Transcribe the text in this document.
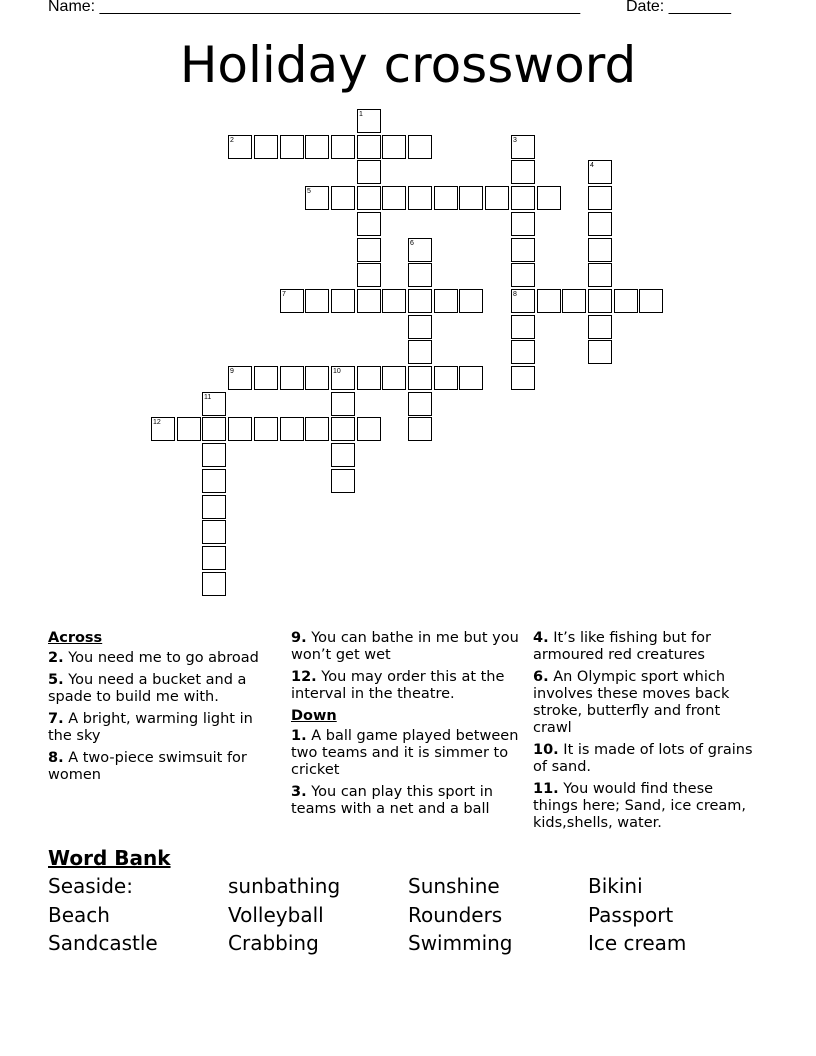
Name: ______________________________________________________	Date: _______
Holiday crossword
1
2	3
4
5
6
7	8
9	10
11
12
Across
2. You need me to go abroad
5. You need a bucket and a spade to build me with.
7. A bright, warming light in the sky
8. A two-piece swimsuit for women
9. You can bathe in me but you won’t get wet
12. You may order this at the interval in the theatre.
Down
1. A ball game played between two teams and it is simmer to cricket
3. You can play this sport in teams with a net and a ball
4. It’s like fishing but for armoured red creatures
6. An Olympic sport which involves these moves back stroke, butterfly and front crawl
10. It is made of lots of grains of sand.
11. You would find these things here; Sand, ice cream, kids,shells, water.
Word Bank
Seaside:	sunbathing	Sunshine	Bikini
Beach	Volleyball	Rounders	Passport
Sandcastle	Crabbing	Swimming	Ice cream
